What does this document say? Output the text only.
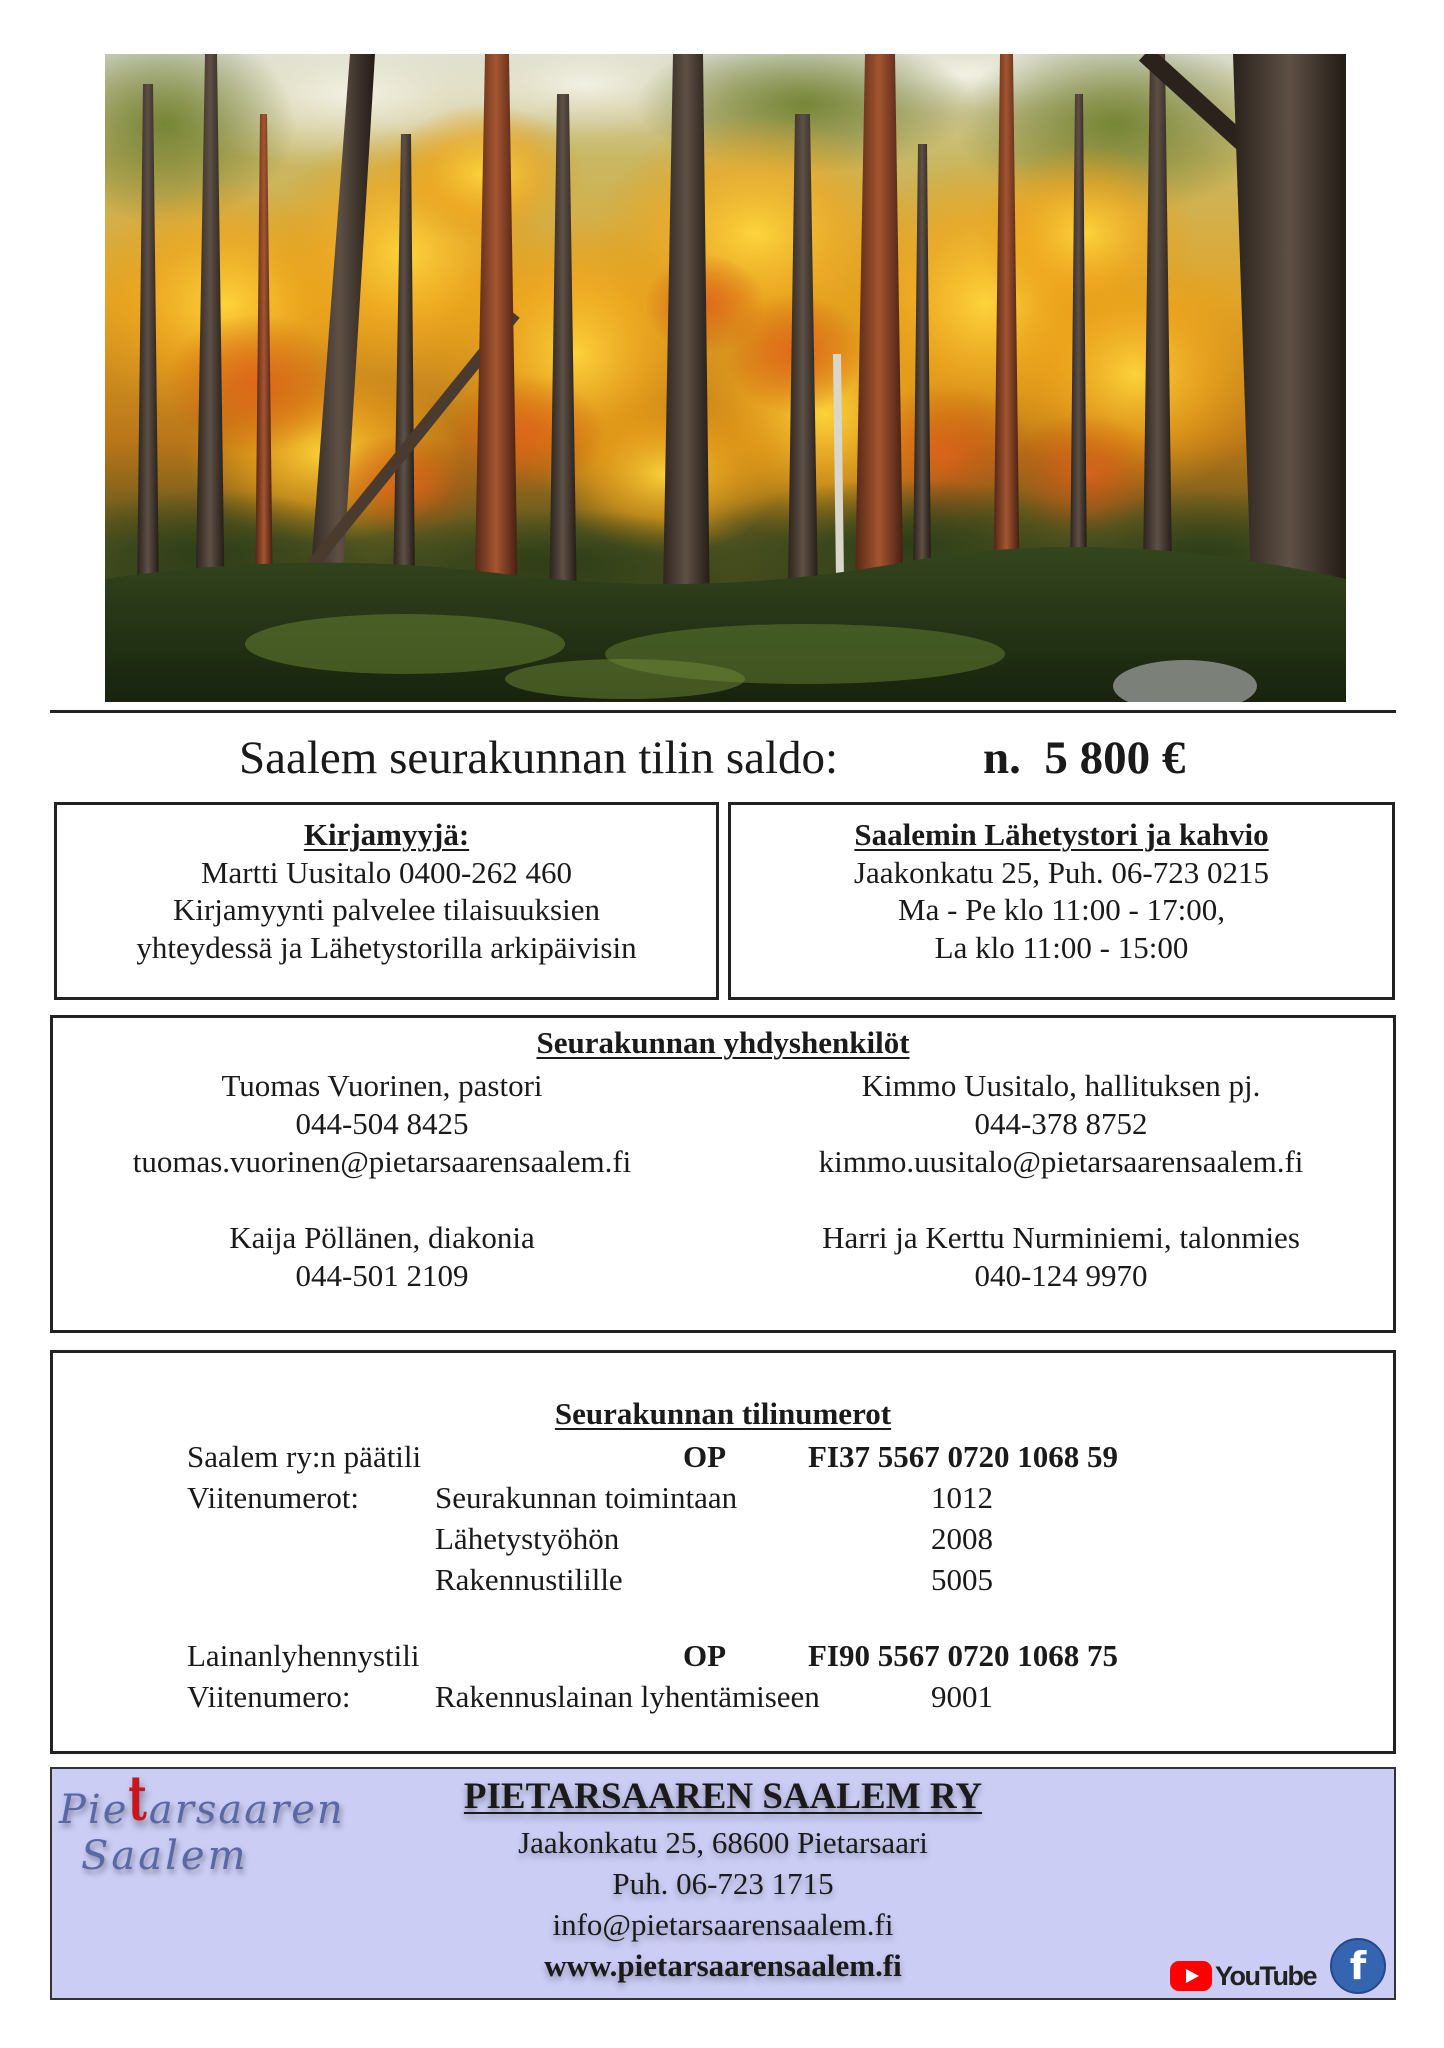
Saalem seurakunnan tilin saldo:	n.  5 800 €
Kirjamyyjä:
Martti Uusitalo 0400-262 460
Kirjamyynti palvelee tilaisuuksien
yhteydessä ja Lähetystorilla arkipäivisin
Saalemin Lähetystori ja kahvio
Jaakonkatu 25, Puh. 06-723 0215
Ma - Pe klo 11:00 - 17:00,
La klo 11:00 - 15:00
Seurakunnan yhdyshenkilöt
Tuomas Vuorinen, pastori
044-504 8425
tuomas.vuorinen@pietarsaarensaalem.fi
Kaija Pöllänen, diakonia
044-501 2109
Kimmo Uusitalo, hallituksen pj.
044-378 8752
kimmo.uusitalo@pietarsaarensaalem.fi
Harri ja Kerttu Nurminiemi, talonmies
040-124 9970
Seurakunnan tilinumerot
Saalem ry:n päätili	OP	FI37 5567 0720 1068 59
Viitenumerot: Seurakunnan toimintaan	1012
Lähetystyöhön	2008
Rakennustilille	5005
Lainanlyhennystili	OP	FI90 5567 0720 1068 75
Viitenumero:	Rakennuslainan lyhentämiseen	9001
Pietarsaaren
Saalem
PIETARSAAREN SAALEM RY
Jaakonkatu 25, 68600 Pietarsaari
Puh. 06-723 1715
info@pietarsaarensaalem.fi
www.pietarsaarensaalem.fi	YouTube f
